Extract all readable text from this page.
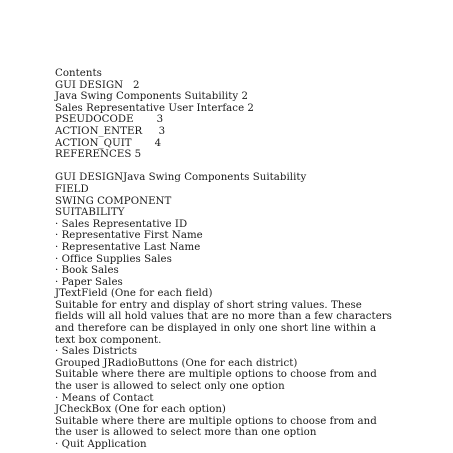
Contents
GUI DESIGN   2
Java Swing Components Suitability 2
Sales Representative User Interface 2
PSEUDOCODE       3
ACTION_ENTER     3
ACTION_QUIT       4
REFERENCES 5
GUI DESIGNJava Swing Components Suitability
FIELD
SWING COMPONENT
SUITABILITY
· Sales Representative ID
· Representative First Name
· Representative Last Name
· Office Supplies Sales
· Book Sales
· Paper Sales
JTextField (One for each field)
Suitable for entry and display of short string values. These
fields will all hold values that are no more than a few characters
and therefore can be displayed in only one short line within a
text box component.
· Sales Districts
Grouped JRadioButtons (One for each district)
Suitable where there are multiple options to choose from and
the user is allowed to select only one option
· Means of Contact
JCheckBox (One for each option)
Suitable where there are multiple options to choose from and
the user is allowed to select more than one option
· Quit Application
